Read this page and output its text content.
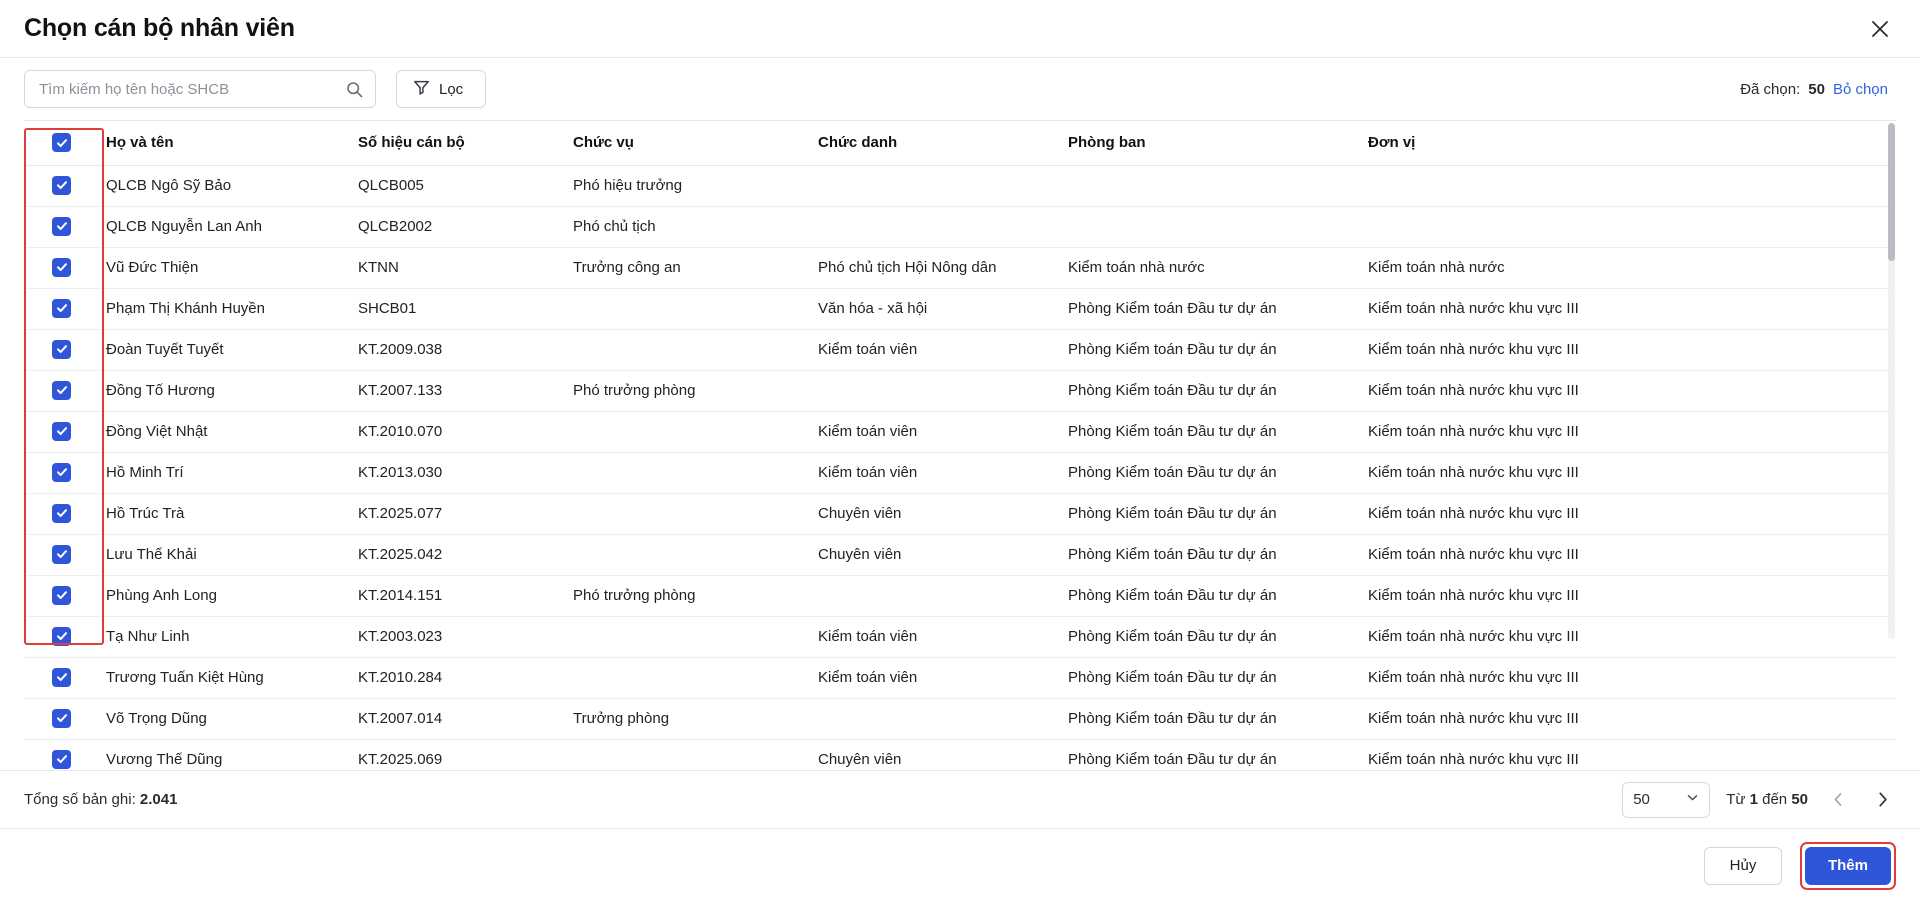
Chọn cán bộ nhân viên
Tìm kiếm họ tên hoặc SHCB
Lọc	Đã chọn: 50 Bỏ chọn
	Họ và tên	Số hiệu cán bộ	Chức vụ	Chức danh	Phòng ban	Đơn vị

	QLCB Ngô Sỹ Bảo	QLCB005	Phó hiệu trưởng			

	QLCB Nguyễn Lan Anh	QLCB2002	Phó chủ tịch			

	Vũ Đức Thiện	KTNN	Trưởng công an	Phó chủ tịch Hội Nông dân	Kiểm toán nhà nước	Kiểm toán nhà nước

	Phạm Thị Khánh Huyền	SHCB01		Văn hóa - xã hội	Phòng Kiểm toán Đầu tư dự án	Kiểm toán nhà nước khu vực III

	Đoàn Tuyết Tuyết	KT.2009.038		Kiểm toán viên	Phòng Kiểm toán Đầu tư dự án	Kiểm toán nhà nước khu vực III

	Đồng Tố Hương	KT.2007.133	Phó trưởng phòng		Phòng Kiểm toán Đầu tư dự án	Kiểm toán nhà nước khu vực III

	Đồng Việt Nhật	KT.2010.070		Kiểm toán viên	Phòng Kiểm toán Đầu tư dự án	Kiểm toán nhà nước khu vực III

	Hồ Minh Trí	KT.2013.030		Kiểm toán viên	Phòng Kiểm toán Đầu tư dự án	Kiểm toán nhà nước khu vực III

	Hồ Trúc Trà	KT.2025.077		Chuyên viên	Phòng Kiểm toán Đầu tư dự án	Kiểm toán nhà nước khu vực III

	Lưu Thế Khải	KT.2025.042		Chuyên viên	Phòng Kiểm toán Đầu tư dự án	Kiểm toán nhà nước khu vực III

	Phùng Anh Long	KT.2014.151	Phó trưởng phòng		Phòng Kiểm toán Đầu tư dự án	Kiểm toán nhà nước khu vực III

	Tạ Như Linh	KT.2003.023		Kiểm toán viên	Phòng Kiểm toán Đầu tư dự án	Kiểm toán nhà nước khu vực III

	Trương Tuấn Kiệt Hùng	KT.2010.284		Kiểm toán viên	Phòng Kiểm toán Đầu tư dự án	Kiểm toán nhà nước khu vực III

	Võ Trọng Dũng	KT.2007.014	Trưởng phòng		Phòng Kiểm toán Đầu tư dự án	Kiểm toán nhà nước khu vực III

	Vương Thế Dũng	KT.2025.069		Chuyên viên	Phòng Kiểm toán Đầu tư dự án	Kiểm toán nhà nước khu vực III
Tổng số bản ghi: 2.041	50	Từ 1 đến 50
Hủy	Thêm
